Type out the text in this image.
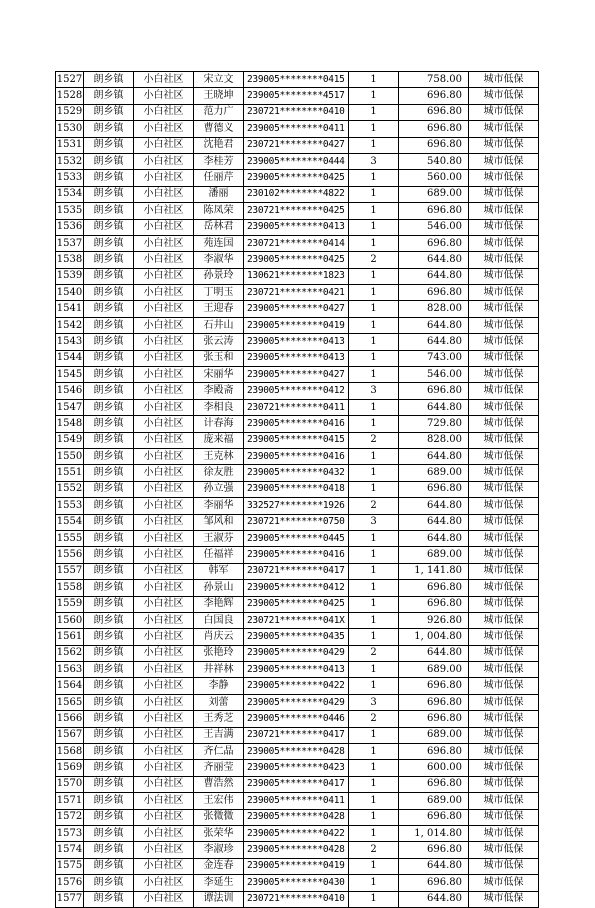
1527	朗乡镇	小白社区	宋立文	239005********0415	1	758.00	城市低保
1528	朗乡镇	小白社区	王晓坤	239005********4517	1	696.80	城市低保
1529	朗乡镇	小白社区	范力广	230721********0410	1	696.80	城市低保
1530	朗乡镇	小白社区	曹德义	239005********0411	1	696.80	城市低保
1531	朗乡镇	小白社区	沈艳君	230721********0427	1	696.80	城市低保
1532	朗乡镇	小白社区	李桂芳	239005********0444	3	540.80	城市低保
1533	朗乡镇	小白社区	任丽芹	239005********0425	1	560.00	城市低保
1534	朗乡镇	小白社区	潘丽	230102********4822	1	689.00	城市低保
1535	朗乡镇	小白社区	陈凤荣	230721********0425	1	696.80	城市低保
1536	朗乡镇	小白社区	岳林君	239005********0413	1	546.00	城市低保
1537	朗乡镇	小白社区	苑连国	230721********0414	1	696.80	城市低保
1538	朗乡镇	小白社区	李淑华	239005********0425	2	644.80	城市低保
1539	朗乡镇	小白社区	孙景玲	130621********1823	1	644.80	城市低保
1540	朗乡镇	小白社区	丁明玉	230721********0421	1	696.80	城市低保
1541	朗乡镇	小白社区	王迎春	239005********0427	1	828.00	城市低保
1542	朗乡镇	小白社区	石井山	239005********0419	1	644.80	城市低保
1543	朗乡镇	小白社区	张云涛	239005********0413	1	644.80	城市低保
1544	朗乡镇	小白社区	张玉和	239005********0413	1	743.00	城市低保
1545	朗乡镇	小白社区	宋丽华	239005********0427	1	546.00	城市低保
1546	朗乡镇	小白社区	李殿斋	239005********0412	3	696.80	城市低保
1547	朗乡镇	小白社区	李相良	230721********0411	1	644.80	城市低保
1548	朗乡镇	小白社区	计春海	239005********0416	1	729.80	城市低保
1549	朗乡镇	小白社区	庞来福	239005********0415	2	828.00	城市低保
1550	朗乡镇	小白社区	王克林	239005********0416	1	644.80	城市低保
1551	朗乡镇	小白社区	徐友胜	239005********0432	1	689.00	城市低保
1552	朗乡镇	小白社区	孙立强	239005********0418	1	696.80	城市低保
1553	朗乡镇	小白社区	李丽华	332527********1926	2	644.80	城市低保
1554	朗乡镇	小白社区	邹风和	230721********0750	3	644.80	城市低保
1555	朗乡镇	小白社区	王淑芬	239005********0445	1	644.80	城市低保
1556	朗乡镇	小白社区	任福祥	239005********0416	1	689.00	城市低保
1557	朗乡镇	小白社区	韩军	230721********0417	1	1, 141.80	城市低保
1558	朗乡镇	小白社区	孙景山	239005********0412	1	696.80	城市低保
1559	朗乡镇	小白社区	李艳辉	239005********0425	1	696.80	城市低保
1560	朗乡镇	小白社区	白国良	230721********041X	1	926.80	城市低保
1561	朗乡镇	小白社区	肖庆云	239005********0435	1	1, 004.80	城市低保
1562	朗乡镇	小白社区	张艳玲	239005********0429	2	644.80	城市低保
1563	朗乡镇	小白社区	井祥林	239005********0413	1	689.00	城市低保
1564	朗乡镇	小白社区	李静	239005********0422	1	696.80	城市低保
1565	朗乡镇	小白社区	刘蕾	239005********0429	3	696.80	城市低保
1566	朗乡镇	小白社区	王秀芝	239005********0446	2	696.80	城市低保
1567	朗乡镇	小白社区	王吉满	230721********0417	1	689.00	城市低保
1568	朗乡镇	小白社区	齐仁晶	239005********0428	1	696.80	城市低保
1569	朗乡镇	小白社区	齐丽莹	239005********0423	1	600.00	城市低保
1570	朗乡镇	小白社区	曹浩然	239005********0417	1	696.80	城市低保
1571	朗乡镇	小白社区	王宏伟	239005********0411	1	689.00	城市低保
1572	朗乡镇	小白社区	张微微	239005********0428	1	696.80	城市低保
1573	朗乡镇	小白社区	张荣华	239005********0422	1	1, 014.80	城市低保
1574	朗乡镇	小白社区	李淑珍	239005********0428	2	696.80	城市低保
1575	朗乡镇	小白社区	金连春	239005********0419	1	644.80	城市低保
1576	朗乡镇	小白社区	李延生	239005********0430	1	696.80	城市低保
1577	朗乡镇	小白社区	谭法训	230721********0410	1	644.80	城市低保
